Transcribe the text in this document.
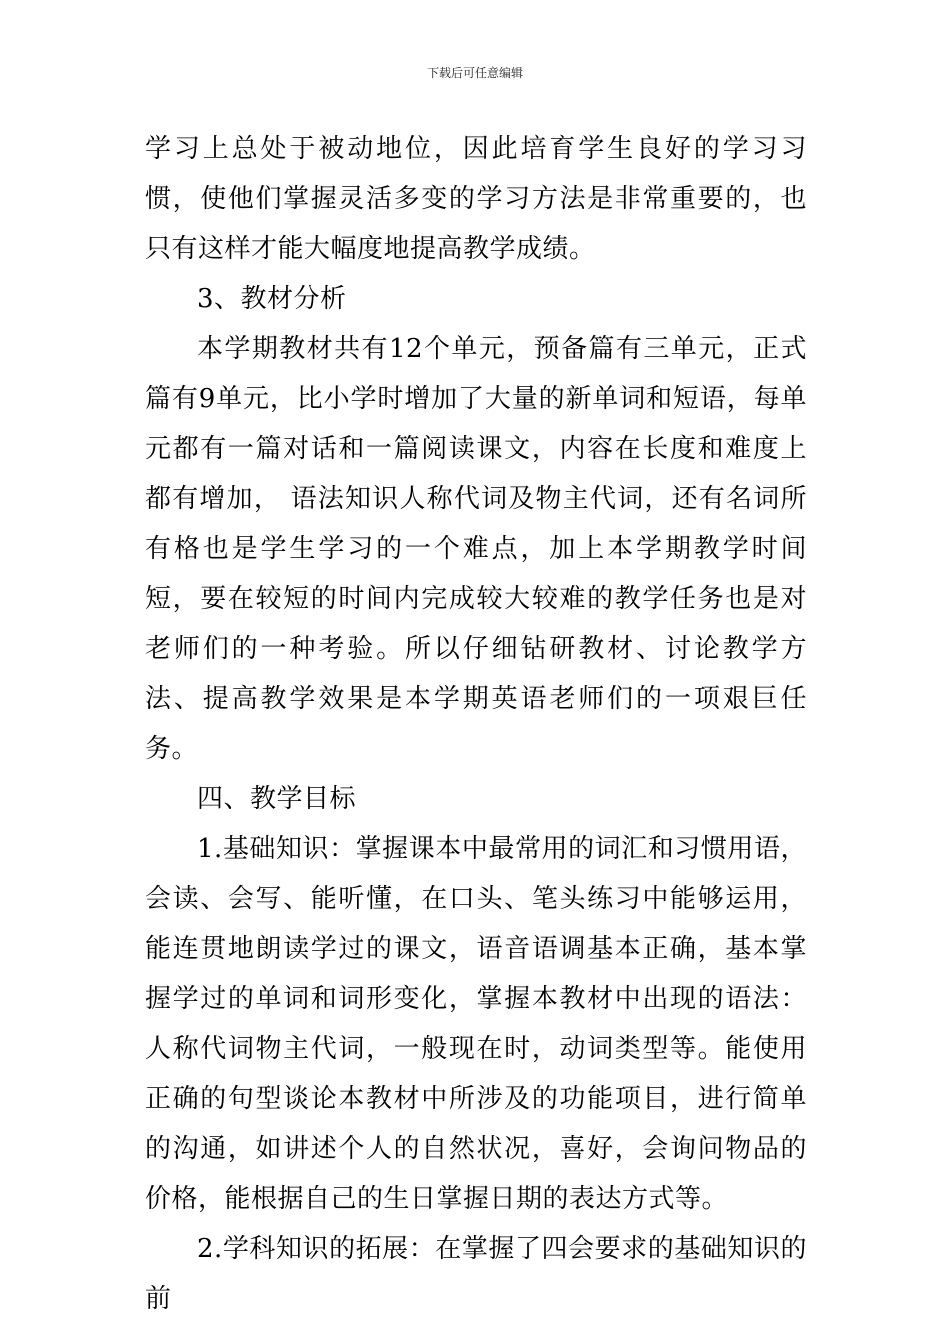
下载后可任意编辑

学习上总处于被动地位，因此培育学生良好的学习习惯，使他们掌握灵活多变的学习方法是非常重要的，也只有这样才能大幅度地提高教学成绩。

3、教材分析

本学期教材共有12个单元，预备篇有三单元，正式篇有9单元，比小学时增加了大量的新单词和短语，每单元都有一篇对话和一篇阅读课文，内容在长度和难度上都有增加， 语法知识人称代词及物主代词，还有名词所有格也是学生学习的一个难点，加上本学期教学时间短，要在较短的时间内完成较大较难的教学任务也是对老师们的一种考验。所以仔细钻研教材、讨论教学方法、提高教学效果是本学期英语老师们的一项艰巨任务。

四、教学目标

1.基础知识：掌握课本中最常用的词汇和习惯用语，会读、会写、能听懂，在口头、笔头练习中能够运用，能连贯地朗读学过的课文，语音语调基本正确，基本掌握学过的单词和词形变化，掌握本教材中出现的语法：人称代词物主代词，一般现在时，动词类型等。能使用正确的句型谈论本教材中所涉及的功能项目，进行简单的沟通，如讲述个人的自然状况，喜好，会询问物品的价格，能根据自己的生日掌握日期的表达方式等。

2.学科知识的拓展：在掌握了四会要求的基础知识的前
